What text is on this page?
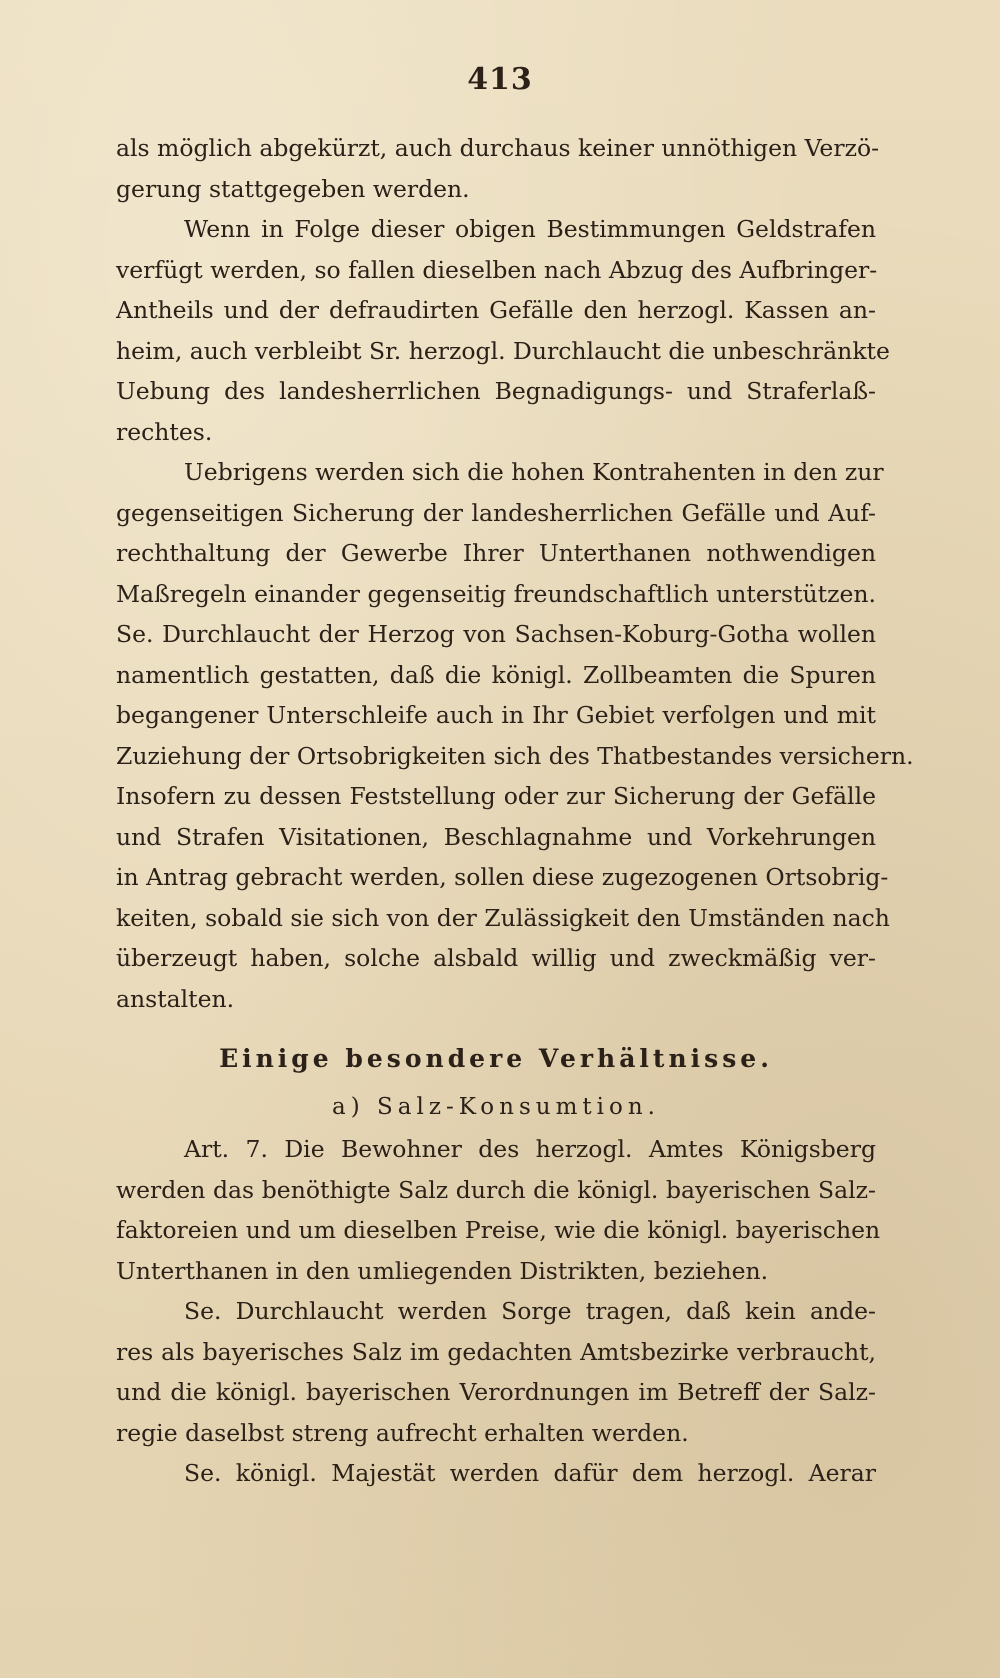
413
als möglich abgekürzt, auch durchaus keiner unnöthigen Verzö-
gerung stattgegeben werden.
Wenn in Folge dieser obigen Bestimmungen Geldstrafen
verfügt werden, so fallen dieselben nach Abzug des Aufbringer-
Antheils und der defraudirten Gefälle den herzogl. Kassen an-
heim, auch verbleibt Sr. herzogl. Durchlaucht die unbeschränkte
Uebung des landesherrlichen Begnadigungs- und Straferlaß-
rechtes.
Uebrigens werden sich die hohen Kontrahenten in den zur
gegenseitigen Sicherung der landesherrlichen Gefälle und Auf-
rechthaltung der Gewerbe Ihrer Unterthanen nothwendigen
Maßregeln einander gegenseitig freundschaftlich unterstützen.
Se. Durchlaucht der Herzog von Sachsen-Koburg-Gotha wollen
namentlich gestatten, daß die königl. Zollbeamten die Spuren
begangener Unterschleife auch in Ihr Gebiet verfolgen und mit
Zuziehung der Ortsobrigkeiten sich des Thatbestandes versichern.
Insofern zu dessen Feststellung oder zur Sicherung der Gefälle
und Strafen Visitationen, Beschlagnahme und Vorkehrungen
in Antrag gebracht werden, sollen diese zugezogenen Ortsobrig-
keiten, sobald sie sich von der Zulässigkeit den Umständen nach
überzeugt haben, solche alsbald willig und zweckmäßig ver-
anstalten.
Einige besondere Verhältnisse.
a) Salz-Konsumtion.
Art. 7. Die Bewohner des herzogl. Amtes Königsberg
werden das benöthigte Salz durch die königl. bayerischen Salz-
faktoreien und um dieselben Preise, wie die königl. bayerischen
Unterthanen in den umliegenden Distrikten, beziehen.
Se. Durchlaucht werden Sorge tragen, daß kein ande-
res als bayerisches Salz im gedachten Amtsbezirke verbraucht,
und die königl. bayerischen Verordnungen im Betreff der Salz-
regie daselbst streng aufrecht erhalten werden.
Se. königl. Majestät werden dafür dem herzogl. Aerar
